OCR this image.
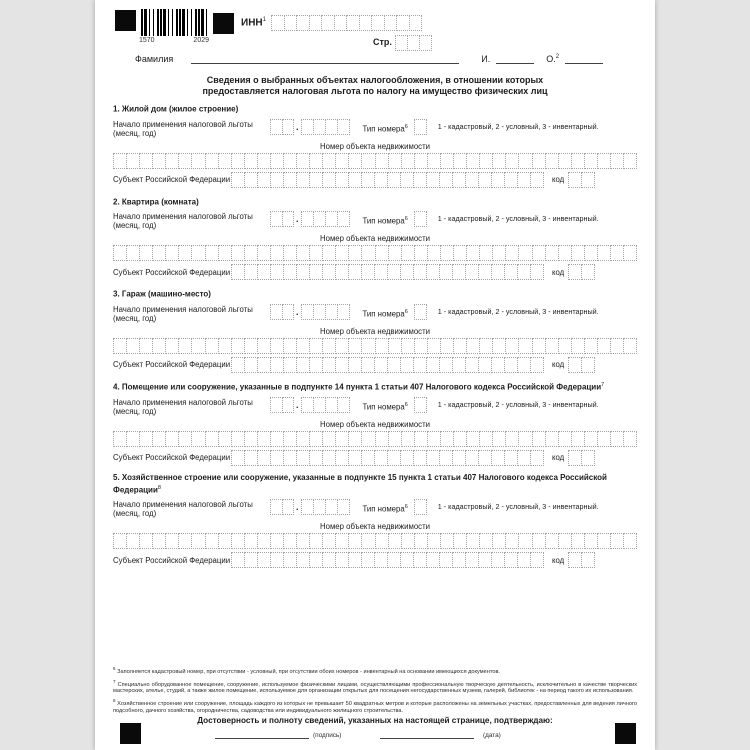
1570	2029
ИНН$^1$
Стр.
Фамилия	И.	О.$^2$
Сведения о выбранных объектах налогообложения, в отношении которых
предоставляется налоговая льгота по налогу на имущество физических лиц
1. Жилой дом (жилое строение)
Начало применения налоговой льготы
(месяц, год)
.	Тип номера$^6$	1 - кадастровый, 2 - условный, 3 - инвентарный.
Номер объекта недвижимости
Субъект Российской Федерации	код
2. Квартира (комната)
Начало применения налоговой льготы
(месяц, год)
.	Тип номера$^6$	1 - кадастровый, 2 - условный, 3 - инвентарный.
Номер объекта недвижимости
Субъект Российской Федерации	код
3. Гараж (машино-место)
Начало применения налоговой льготы
(месяц, год)
.	Тип номера$^6$	1 - кадастровый, 2 - условный, 3 - инвентарный.
Номер объекта недвижимости
Субъект Российской Федерации	код
4. Помещение или сооружение, указанные в подпункте 14 пункта 1 статьи 407 Налогового кодекса Российской Федерации$^7$
Начало применения налоговой льготы
(месяц, год)
.	Тип номера$^6$	1 - кадастровый, 2 - условный, 3 - инвентарный.
Номер объекта недвижимости
Субъект Российской Федерации	код
5. Хозяйственное строение или сооружение, указанные в подпункте 15 пункта 1 статьи 407 Налогового кодекса Российской Федерации$^8$
Начало применения налоговой льготы
(месяц, год)
.	Тип номера$^6$	1 - кадастровый, 2 - условный, 3 - инвентарный.
Номер объекта недвижимости
Субъект Российской Федерации	код
$^6$ Заполняется кадастровый номер, при отсутствии - условный, при отсутствии обоих номеров - инвентарный на основании имеющихся документов.
$^7$ Специально оборудованное помещение, сооружение, используемое физическими лицами, осуществляющими профессиональную творческую деятельность, исключительно в качестве творческих мастерских, ателье, студий, а также жилое помещение, используемое для организации открытых для посещения негосударственных музеев, галерей, библиотек - на период такого их использования.
$^8$ Хозяйственное строение или сооружение, площадь каждого из которых не превышает 50 квадратных метров и которые расположены на земельных участках, предоставленных для ведения личного подсобного, дачного хозяйства, огородничества, садоводства или индивидуального жилищного строительства.
Достоверность и полноту сведений, указанных на настоящей странице, подтверждаю:
(подпись)	(дата)
